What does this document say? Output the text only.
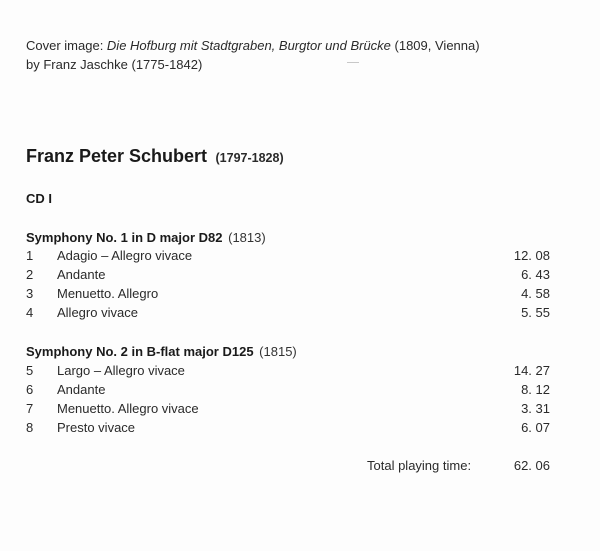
Cover image: Die Hofburg mit Stadtgraben, Burgtor und Brücke (1809, Vienna)
by Franz Jaschke (1775-1842)
Franz Peter Schubert (1797-1828)
CD I
Symphony No. 1 in D major D82 (1813)
1 Adagio – Allegro vivace	12. 08
2 Andante	6. 43
3 Menuetto. Allegro	4. 58
4 Allegro vivace	5. 55
Symphony No. 2 in B-flat major D125 (1815)
5 Largo – Allegro vivace	14. 27
6 Andante	8. 12
7 Menuetto. Allegro vivace	3. 31
8 Presto vivace	6. 07
Total playing time:	62. 06
